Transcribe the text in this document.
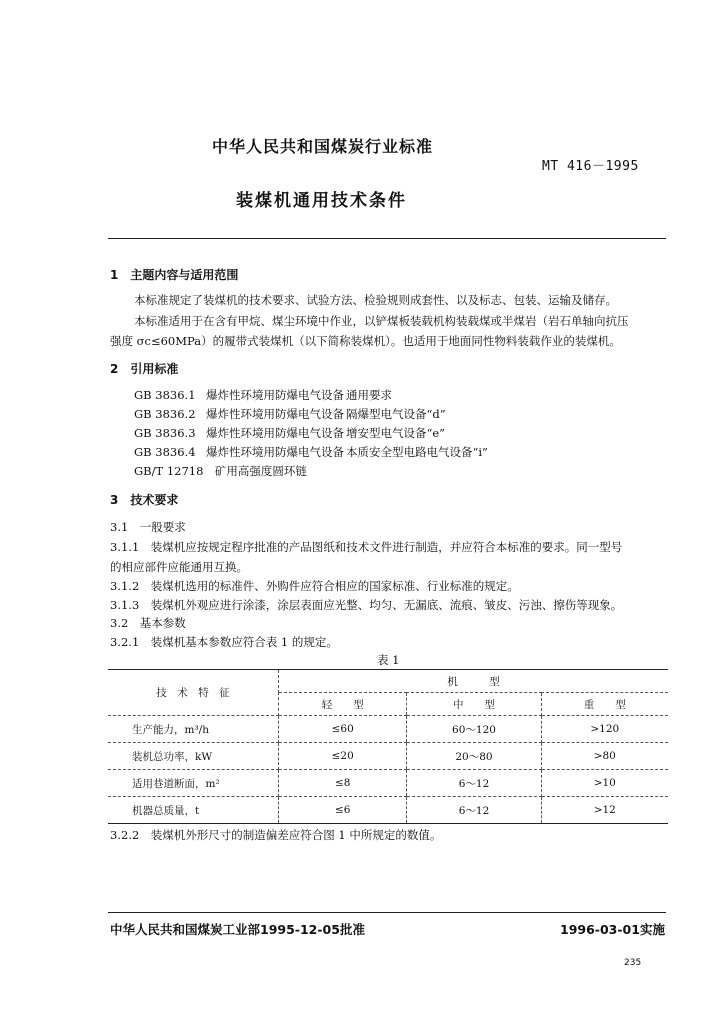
中华人民共和国煤炭行业标准
MT 416－1995
装煤机通用技术条件
1　主题内容与适用范围
本标准规定了装煤机的技术要求、试验方法、检验规则成套性、以及标志、包装、运输及储存。
本标准适用于在含有甲烷、煤尘环境中作业，以铲煤板装载机构装载煤或半煤岩（岩石单轴向抗压
强度 σc≤60MPa）的履带式装煤机（以下简称装煤机）。也适用于地面同性物料装载作业的装煤机。
2　引用标准
GB 3836.1 爆炸性环境用防爆电气设备 通用要求
GB 3836.2 爆炸性环境用防爆电气设备 隔爆型电气设备“d”
GB 3836.3 爆炸性环境用防爆电气设备 增安型电气设备“e”
GB 3836.4 爆炸性环境用防爆电气设备 本质安全型电路电气设备“i”
GB/T 12718　矿用高强度圆环链
3　技术要求
3.1　一般要求
3.1.1　装煤机应按规定程序批准的产品图纸和技术文件进行制造，并应符合本标准的要求。同一型号
的相应部件应能通用互换。
3.1.2　装煤机选用的标准件、外购件应符合相应的国家标准、行业标准的规定。
3.1.3　装煤机外观应进行涂漆，涂层表面应光整、均匀、无漏底、流痕、皱皮、污浊、擦伤等现象。
3.2　基本参数
3.2.1　装煤机基本参数应符合表 1 的规定。
表 1
技　术　特　征	机　　　型		
	轻　　型	中　　型	重　　型
生产能力，m³/h	≤60	60～120	>120
装机总功率，kW	≤20	20～80	>80
适用巷道断面，m²	≤8	6～12	>10
机器总质量，t	≤6	6～12	>12
3.2.2　装煤机外形尺寸的制造偏差应符合图 1 中所规定的数值。
中华人民共和国煤炭工业部1995-12-05批准	1996-03-01实施
235
